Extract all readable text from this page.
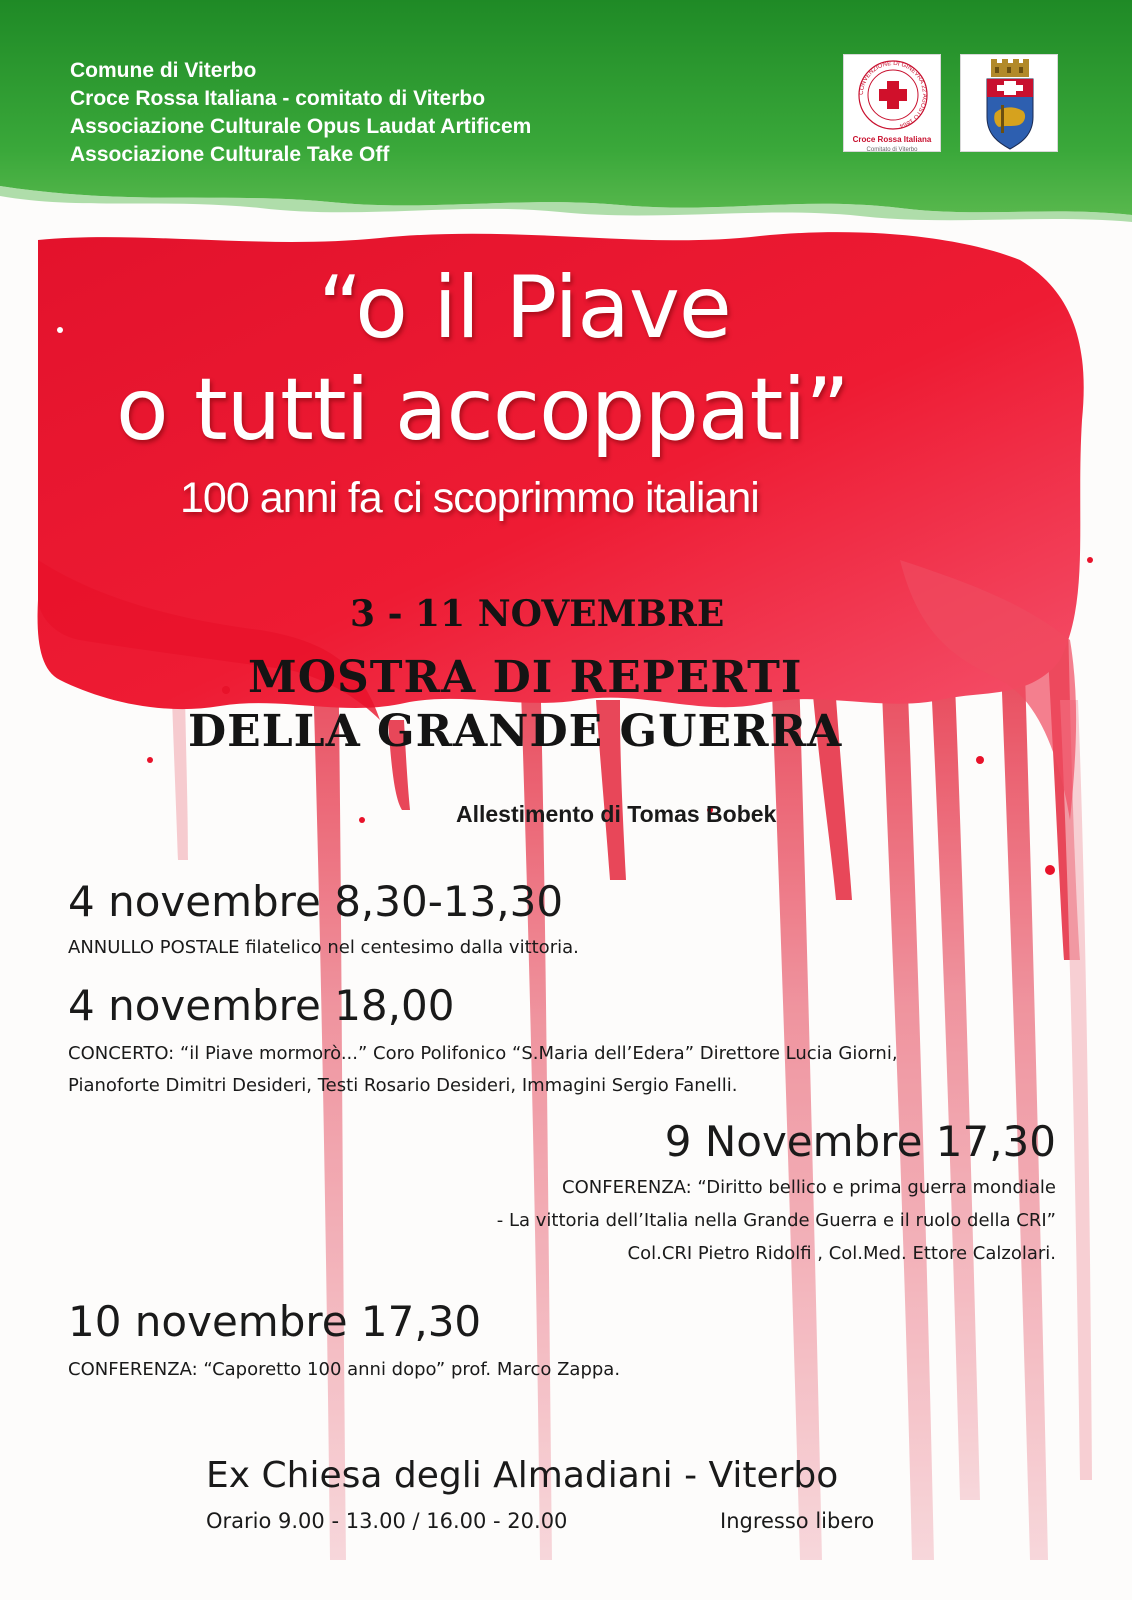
Comune di Viterbo
Croce Rossa Italiana - comitato di Viterbo
Associazione Culturale Opus Laudat Artificem
Associazione Culturale Take Off
CONVENZIONE DI GINEVRA 22 AGOSTO 1864
Croce Rossa Italiana
Comitato di Viterbo
“o il Piave
o tutti accoppati”
100 anni fa ci scoprimmo italiani
3 - 11 NOVEMBRE
MOSTRA DI REPERTI
DELLA GRANDE GUERRA
Allestimento di Tomas Bobek
4 novembre 8,30-13,30
ANNULLO POSTALE filatelico nel centesimo dalla vittoria.
4 novembre 18,00
CONCERTO: “il Piave mormorò...” Coro Polifonico “S.Maria dell’Edera” Direttore Lucia Giorni,
Pianoforte Dimitri Desideri, Testi Rosario Desideri, Immagini Sergio Fanelli.
9 Novembre 17,30
CONFERENZA: “Diritto bellico e prima guerra mondiale
- La vittoria dell’Italia nella Grande Guerra e il ruolo della CRI”
Col.CRI Pietro Ridolfi , Col.Med. Ettore Calzolari.
10 novembre 17,30
CONFERENZA: “Caporetto 100 anni dopo” prof. Marco Zappa.
Ex Chiesa degli Almadiani - Viterbo
Orario 9.00 - 13.00 / 16.00 - 20.00	Ingresso libero
